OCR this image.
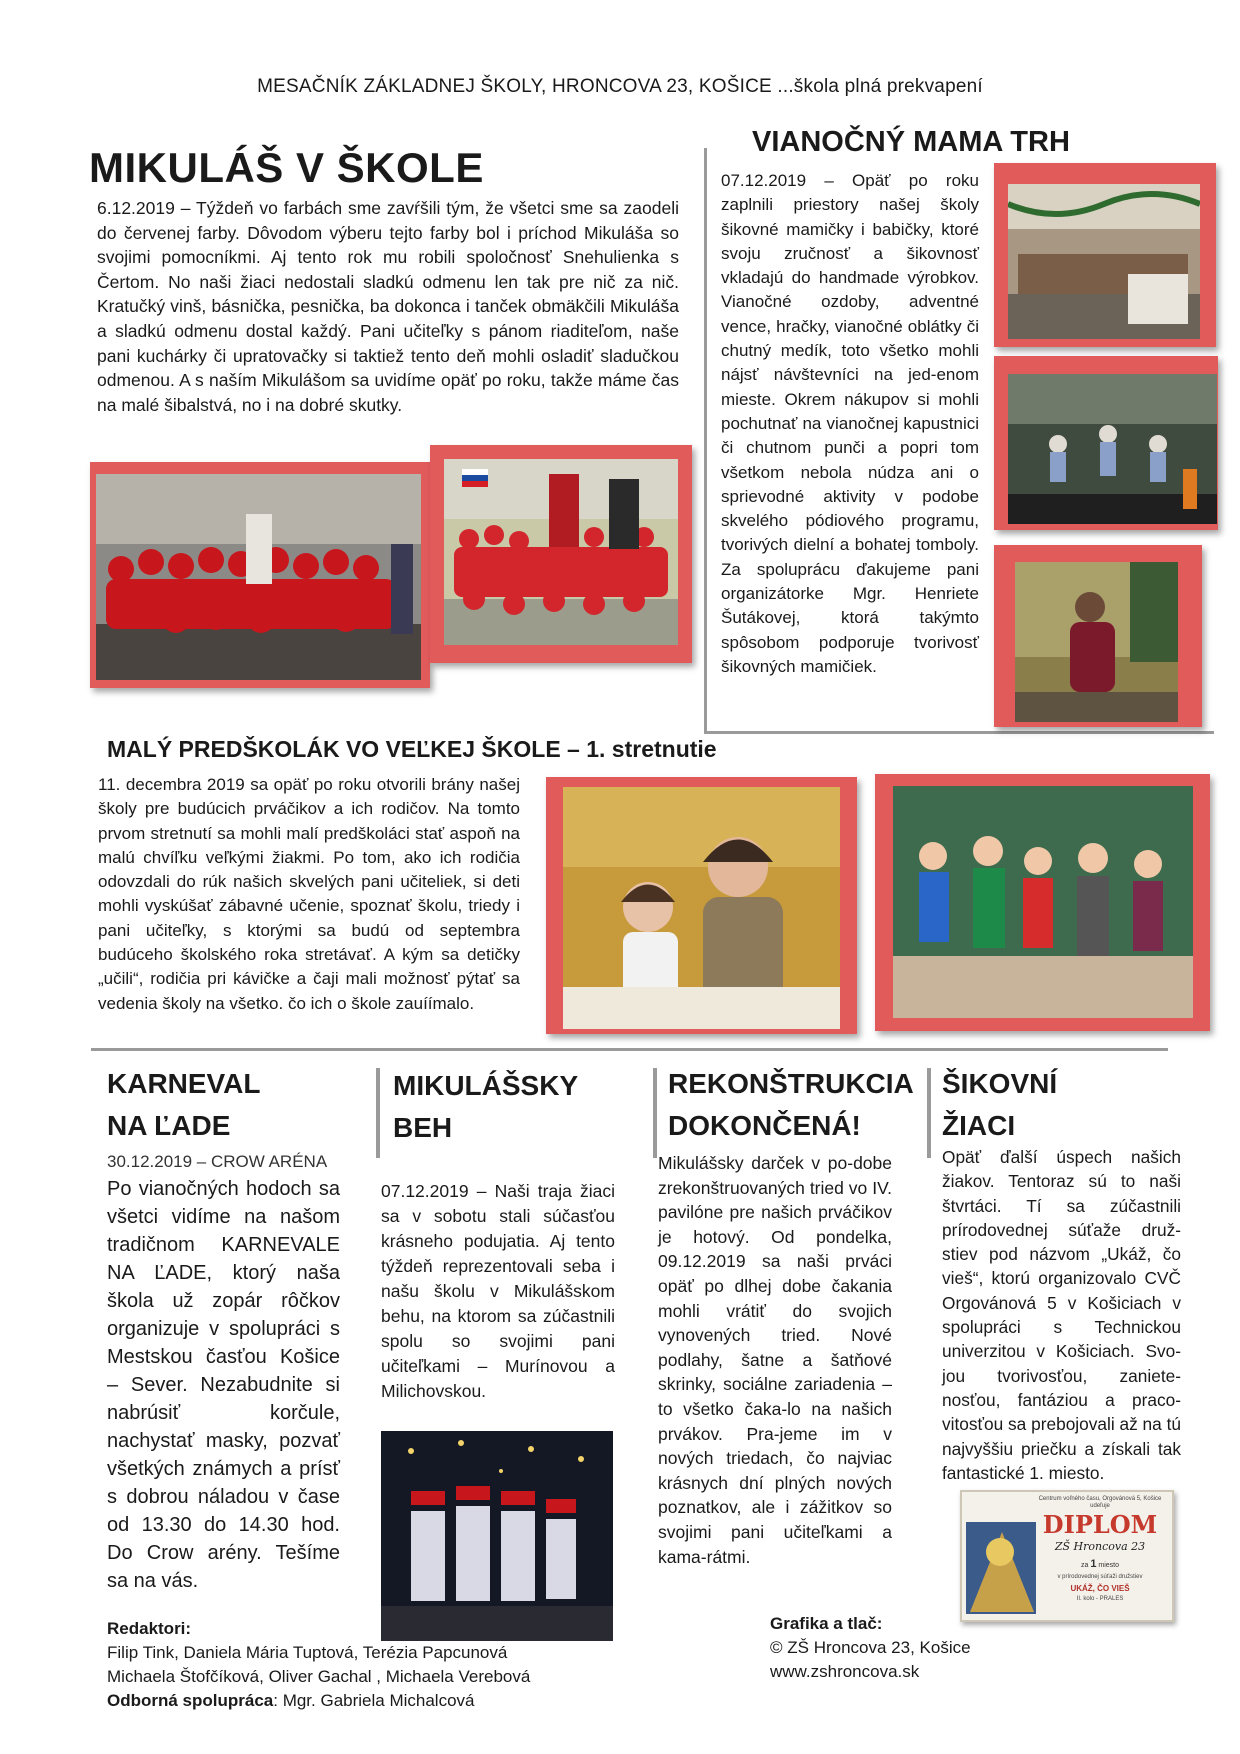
MESAČNÍK ZÁKLADNEJ ŠKOLY, HRONCOVA 23, KOŠICE ...škola plná prekvapení
MIKULÁŠ V ŠKOLE

6.12.2019 – Týždeň vo farbách sme zavŕšili tým, že všetci sme sa zaodeli do červenej farby. Dôvodom výberu tejto farby bol i príchod Mikuláša so svojimi pomocníkmi. Aj tento rok mu robili spoločnosť Snehulienka s Čertom. No naši žiaci nedostali sladkú odmenu len tak pre nič za nič. Kratučký vinš, básnička, pesnička, ba dokonca i tanček obmäkčili Mikuláša a sladkú odmenu dostal každý. Pani učiteľky s pánom riaditeľom, naše pani kuchárky či upratovačky si taktiež tento deň mohli osladiť sladučkou odmenou. A s naším Mikulášom sa uvidíme opäť po roku, takže máme čas na malé šibalstvá, no i na dobré skutky.

VIANOČNÝ MAMA TRH

07.12.2019 – Opäť po roku zaplnili priestory našej školy šikovné mamičky i babičky, ktoré svoju zručnosť a šikovnosť vkladajú do handmade výrobkov. Vianočné ozdoby, adventné vence, hračky, vianočné oblátky či chutný medík, toto všetko mohli nájsť návštevníci na jed-enom mieste. Okrem nákupov si mohli pochutnať na vianočnej kapustnici či chutnom punči a popri tom všetkom nebola núdza ani o sprievodné aktivity v podobe skvelého pódiového programu, tvorivých dielní a bohatej tomboly. Za spoluprácu ďakujeme pani organizátorke Mgr. Henriete Šutákovej, ktorá takýmto spôsobom podporuje tvorivosť šikovných mamičiek.

MALÝ PREDŠKOLÁK VO VEĽKEJ ŠKOLE – 1. stretnutie

11. decembra 2019 sa opäť po roku otvorili brány našej školy pre budúcich prváčikov a ich rodičov. Na tomto prvom stretnutí sa mohli malí predškoláci stať aspoň na malú chvíľku veľkými žiakmi. Po tom, ako ich rodičia odovzdali do rúk našich skvelých pani učiteliek, si deti mohli vyskúšať zábavné učenie, spoznať školu, triedy i pani učiteľky, s ktorými sa budú od septembra budúceho školského roka stretávať. A kým sa detičky „učili“, rodičia pri kávičke a čaji mali možnosť pýtať sa vedenia školy na všetko. čo ich o škole zauíímalo.

KARNEVAL
NA ĽADE
30.12.2019 – CROW ARÉNA

Po vianočných hodoch sa všetci vidíme na našom tradičnom KARNEVALE NA ĽADE, ktorý naša škola už zopár rôčkov organizuje v spolupráci s Mestskou časťou Košice – Sever. Nezabudnite si nabrúsiť korčule, nachystať masky, pozvať všetkých známych a prísť s dobrou náladou v čase od 13.30 do 14.30 hod. Do Crow arény. Tešíme sa na vás.

MIKULÁŠSKY
BEH

07.12.2019 – Naši traja žiaci sa v sobotu stali súčasťou krásneho podujatia. Aj tento týždeň reprezentovali seba i našu školu v Mikulášskom behu, na ktorom sa zúčastnili spolu so svojimi pani učiteľkami – Murínovou a Milichovskou.

REKONŠTRUKCIA
DOKONČENÁ!

Mikulášsky darček v po-dobe zrekonštruovaných tried vo IV. pavilóne pre našich prváčikov je hotový. Od pondelka, 09.12.2019 sa naši prváci opäť po dlhej dobe čakania mohli vrátiť do svojich vynovených tried. Nové podlahy, šatne a šatňové skrinky, sociálne zariadenia – to všetko čaka-lo na našich prvákov. Pra-jeme im v nových triedach, čo najviac krásnych dní plných nových poznatkov, ale i zážitkov so svojimi pani učiteľkami a kama-rátmi.

ŠIKOVNÍ
ŽIACI

Opäť ďalší úspech našich žiakov. Tentoraz sú to naši štvrtáci. Tí sa zúčastnili prírodovednej súťaže druž-stiev pod názvom „Ukáž, čo vieš“, ktorú organizovalo CVČ Orgovánová 5 v Košiciach v spolupráci s Technickou univerzitou v Košiciach. Svo-jou tvorivosťou, zaniete-nosťou, fantáziou a praco-vitosťou sa prebojovali až na tú najvyššiu priečku a získali tak fantastické 1. miesto.

Centrum voľného času, Orgovánová 5, Košice udeľuje
DIPLOM
ZŠ Hroncova 23
za 1 miesto
v prírodovednej súťaži družstiev
UKÁŽ, ČO VIEŠ
II. kolo - PRALES
Redaktori:
Filip Tink, Daniela Mária Tuptová, Terézia Papcunová
Michaela Štofčíková, Oliver Gachal , Michaela Verebová
Odborná spolupráca: Mgr. Gabriela Michalcová
Grafika a tlač:
© ZŠ Hroncova 23, Košice
www.zshroncova.sk
